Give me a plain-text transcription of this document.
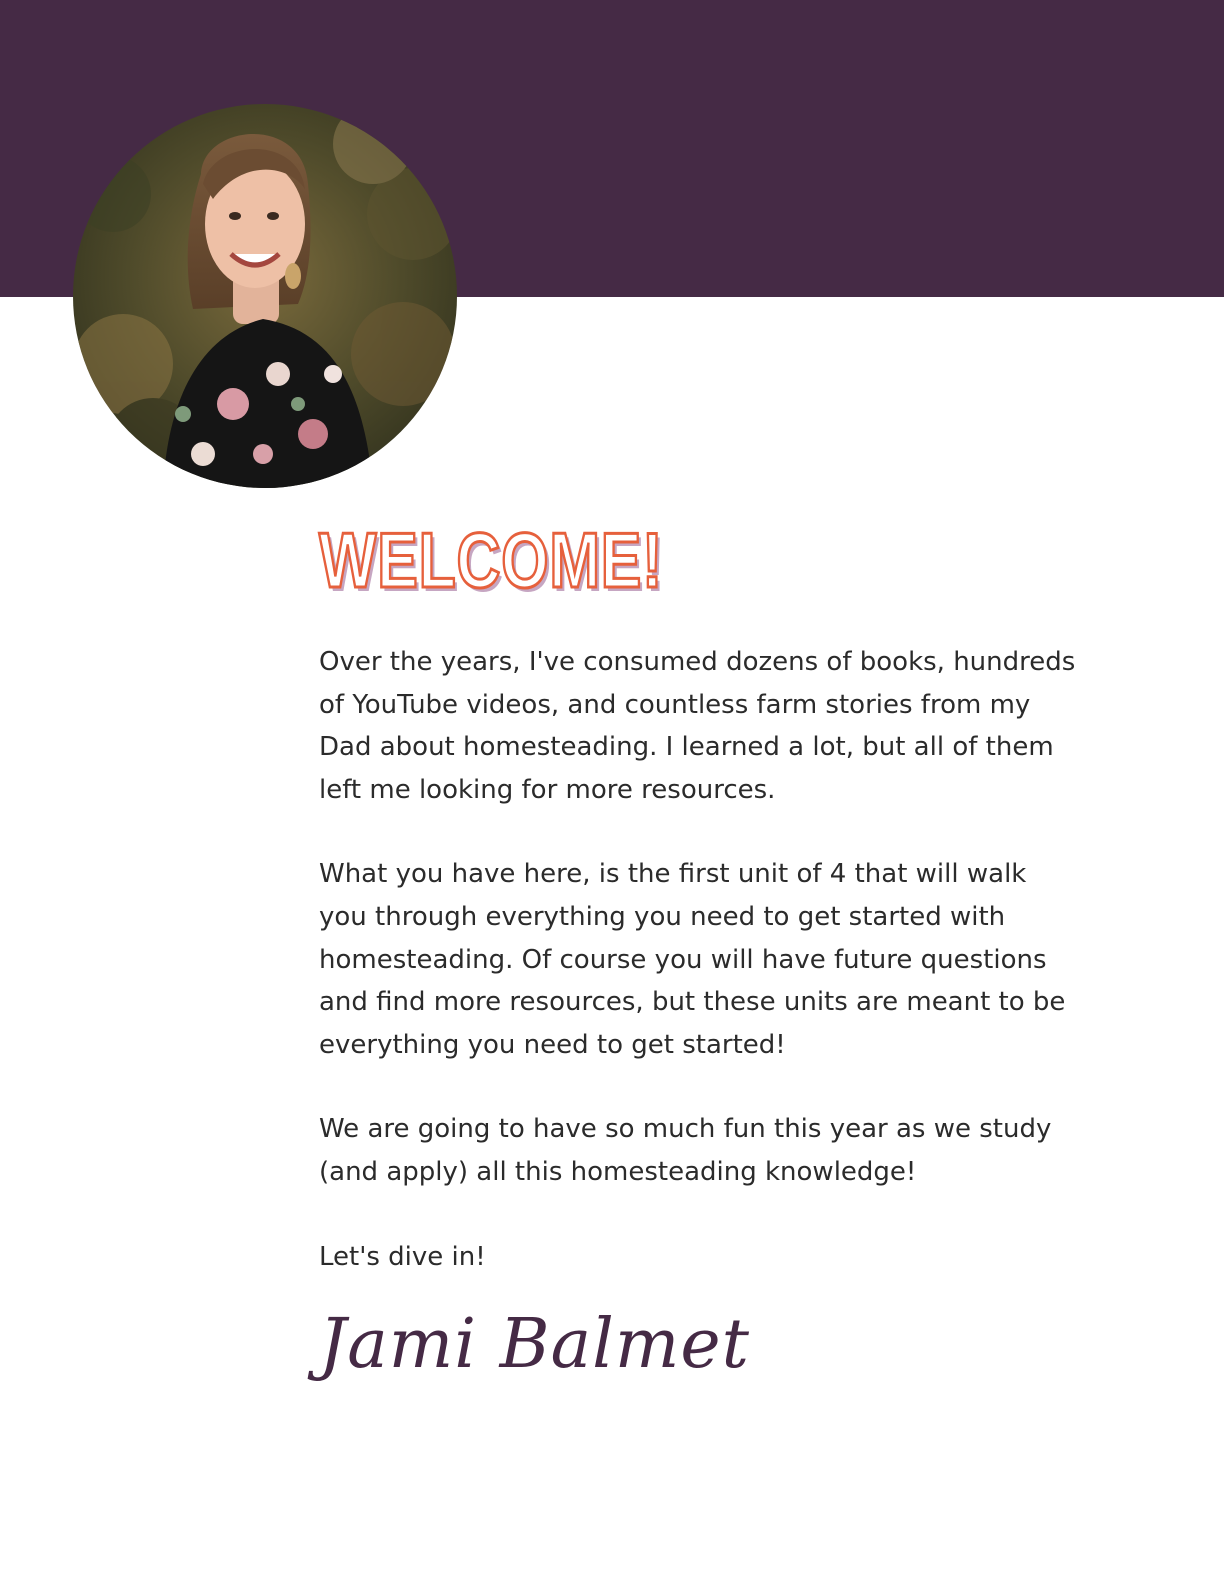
WELCOME!

Over the years, I've consumed dozens of books, hundreds of YouTube videos, and countless farm stories from my Dad about homesteading. I learned a lot, but all of them left me looking for more resources.

What you have here, is the first unit of 4 that will walk you through everything you need to get started with homesteading. Of course you will have future questions and find more resources, but these units are meant to be everything you need to get started!

We are going to have so much fun this year as we study (and apply) all this homesteading knowledge!

Let's dive in!

Jami Balmet
